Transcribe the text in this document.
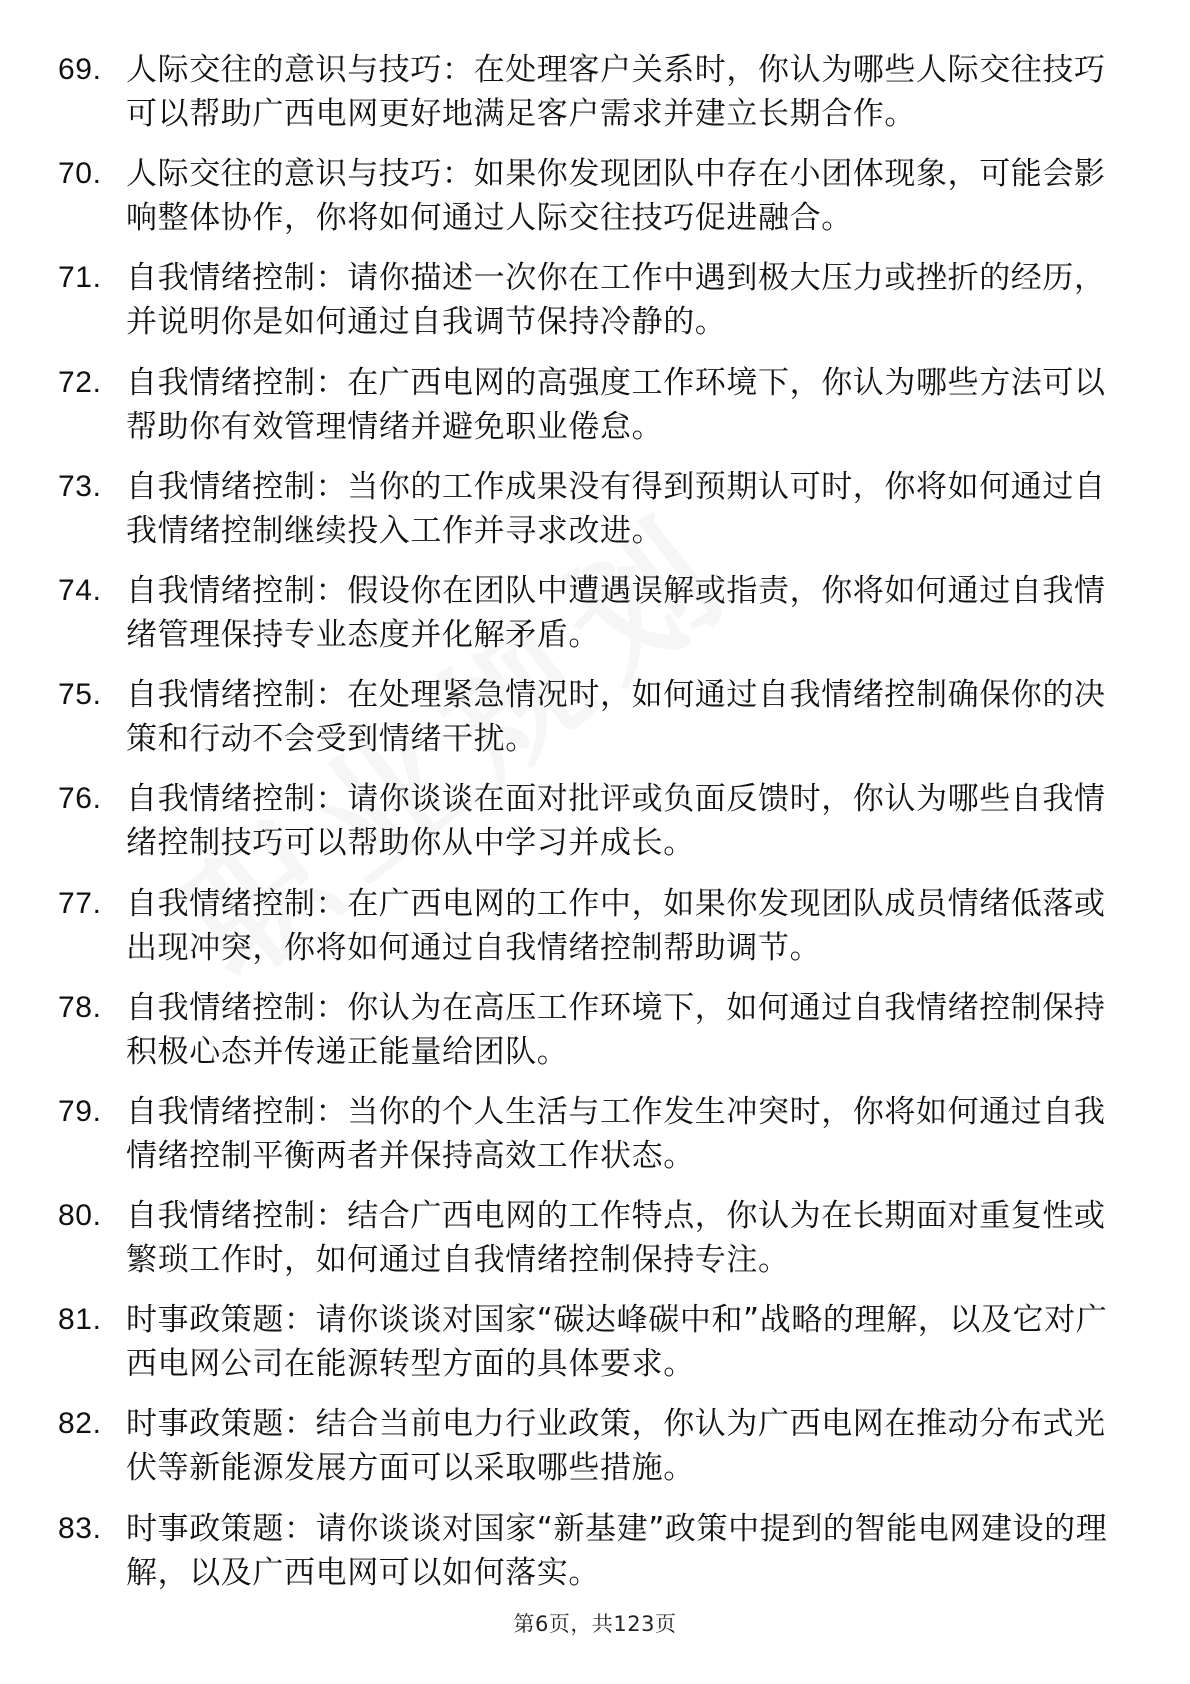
69. 人际交往的意识与技巧：在处理客户关系时，你认为哪些人际交往技巧可以帮助广西电网更好地满足客户需求并建立长期合作。
70. 人际交往的意识与技巧：如果你发现团队中存在小团体现象，可能会影响整体协作，你将如何通过人际交往技巧促进融合。
71. 自我情绪控制：请你描述一次你在工作中遇到极大压力或挫折的经历，并说明你是如何通过自我调节保持冷静的。
72. 自我情绪控制：在广西电网的高强度工作环境下，你认为哪些方法可以帮助你有效管理情绪并避免职业倦怠。
73. 自我情绪控制：当你的工作成果没有得到预期认可时，你将如何通过自我情绪控制继续投入工作并寻求改进。
74. 自我情绪控制：假设你在团队中遭遇误解或指责，你将如何通过自我情绪管理保持专业态度并化解矛盾。
75. 自我情绪控制：在处理紧急情况时，如何通过自我情绪控制确保你的决策和行动不会受到情绪干扰。
76. 自我情绪控制：请你谈谈在面对批评或负面反馈时，你认为哪些自我情绪控制技巧可以帮助你从中学习并成长。
77. 自我情绪控制：在广西电网的工作中，如果你发现团队成员情绪低落或出现冲突，你将如何通过自我情绪控制帮助调节。
78. 自我情绪控制：你认为在高压工作环境下，如何通过自我情绪控制保持积极心态并传递正能量给团队。
79. 自我情绪控制：当你的个人生活与工作发生冲突时，你将如何通过自我情绪控制平衡两者并保持高效工作状态。
80. 自我情绪控制：结合广西电网的工作特点，你认为在长期面对重复性或繁琐工作时，如何通过自我情绪控制保持专注。
81. 时事政策题：请你谈谈对国家“碳达峰碳中和”战略的理解，以及它对广西电网公司在能源转型方面的具体要求。
82. 时事政策题：结合当前电力行业政策，你认为广西电网在推动分布式光伏等新能源发展方面可以采取哪些措施。
83. 时事政策题：请你谈谈对国家“新基建”政策中提到的智能电网建设的理解，以及广西电网可以如何落实。
第6页，共123页
